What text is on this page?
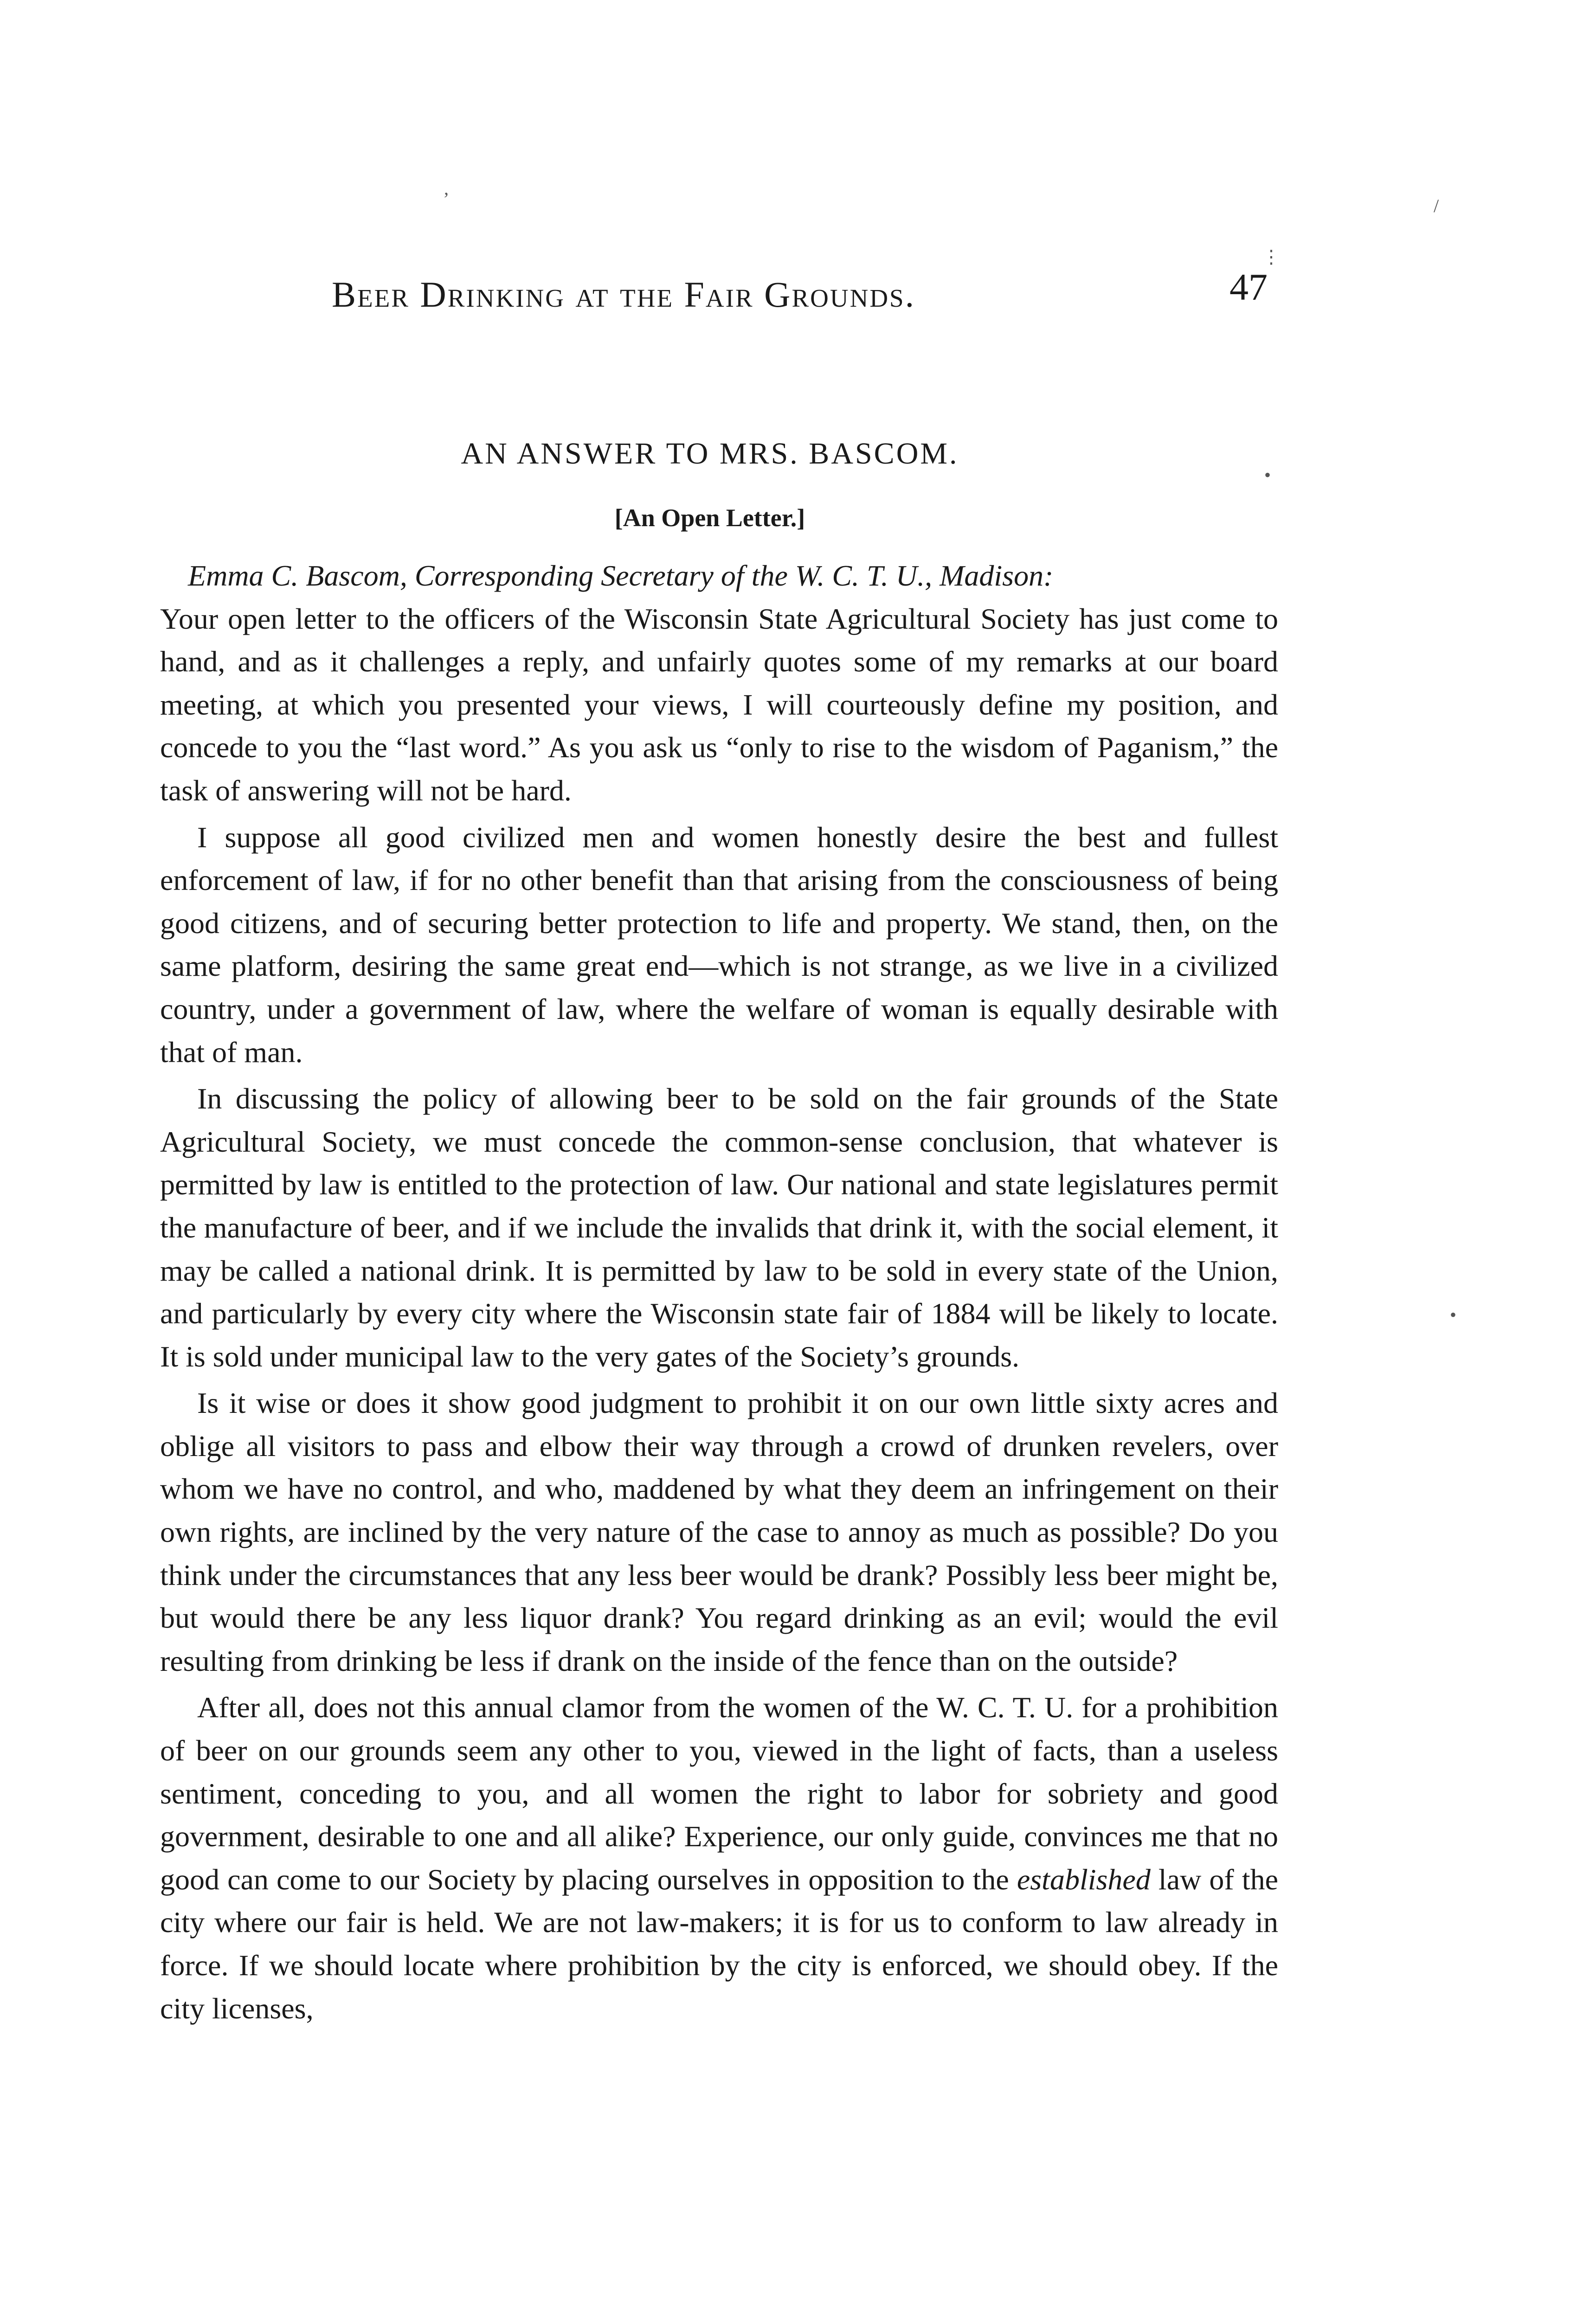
Beer Drinking at the Fair Grounds.	47
AN ANSWER TO MRS. BASCOM.
[An Open Letter.]

Emma C. Bascom, Corresponding Secretary of the W. C. T. U., Madison:
Your open letter to the officers of the Wisconsin State Agricultural Society has just come to hand, and as it challenges a reply, and unfairly quotes some of my remarks at our board meeting, at which you presented your views, I will courteously define my position, and concede to you the “last word.” As you ask us “only to rise to the wisdom of Paganism,” the task of answering will not be hard.

I suppose all good civilized men and women honestly desire the best and fullest enforcement of law, if for no other benefit than that arising from the consciousness of being good citizens, and of securing better protection to life and property. We stand, then, on the same platform, desiring the same great end—which is not strange, as we live in a civilized country, under a government of law, where the welfare of woman is equally desirable with that of man.

In discussing the policy of allowing beer to be sold on the fair grounds of the State Agricultural Society, we must concede the common-sense conclusion, that whatever is permitted by law is entitled to the protection of law. Our national and state legislatures permit the manufacture of beer, and if we include the invalids that drink it, with the social element, it may be called a national drink. It is permitted by law to be sold in every state of the Union, and particularly by every city where the Wisconsin state fair of 1884 will be likely to locate. It is sold under municipal law to the very gates of the Society’s grounds.

Is it wise or does it show good judgment to prohibit it on our own little sixty acres and oblige all visitors to pass and elbow their way through a crowd of drunken revelers, over whom we have no control, and who, maddened by what they deem an infringement on their own rights, are inclined by the very nature of the case to annoy as much as possible? Do you think under the circumstances that any less beer would be drank? Possibly less beer might be, but would there be any less liquor drank? You regard drinking as an evil; would the evil resulting from drinking be less if drank on the inside of the fence than on the outside?

After all, does not this annual clamor from the women of the W. C. T. U. for a prohibition of beer on our grounds seem any other to you, viewed in the light of facts, than a useless sentiment, conceding to you, and all women the right to labor for sobriety and good government, desirable to one and all alike? Experience, our only guide, convinces me that no good can come to our Society by placing ourselves in opposition to the established law of the city where our fair is held. We are not law-makers; it is for us to conform to law already in force. If we should locate where prohibition by the city is enforced, we should obey. If the city licenses,

’
⋮
•
•
/
